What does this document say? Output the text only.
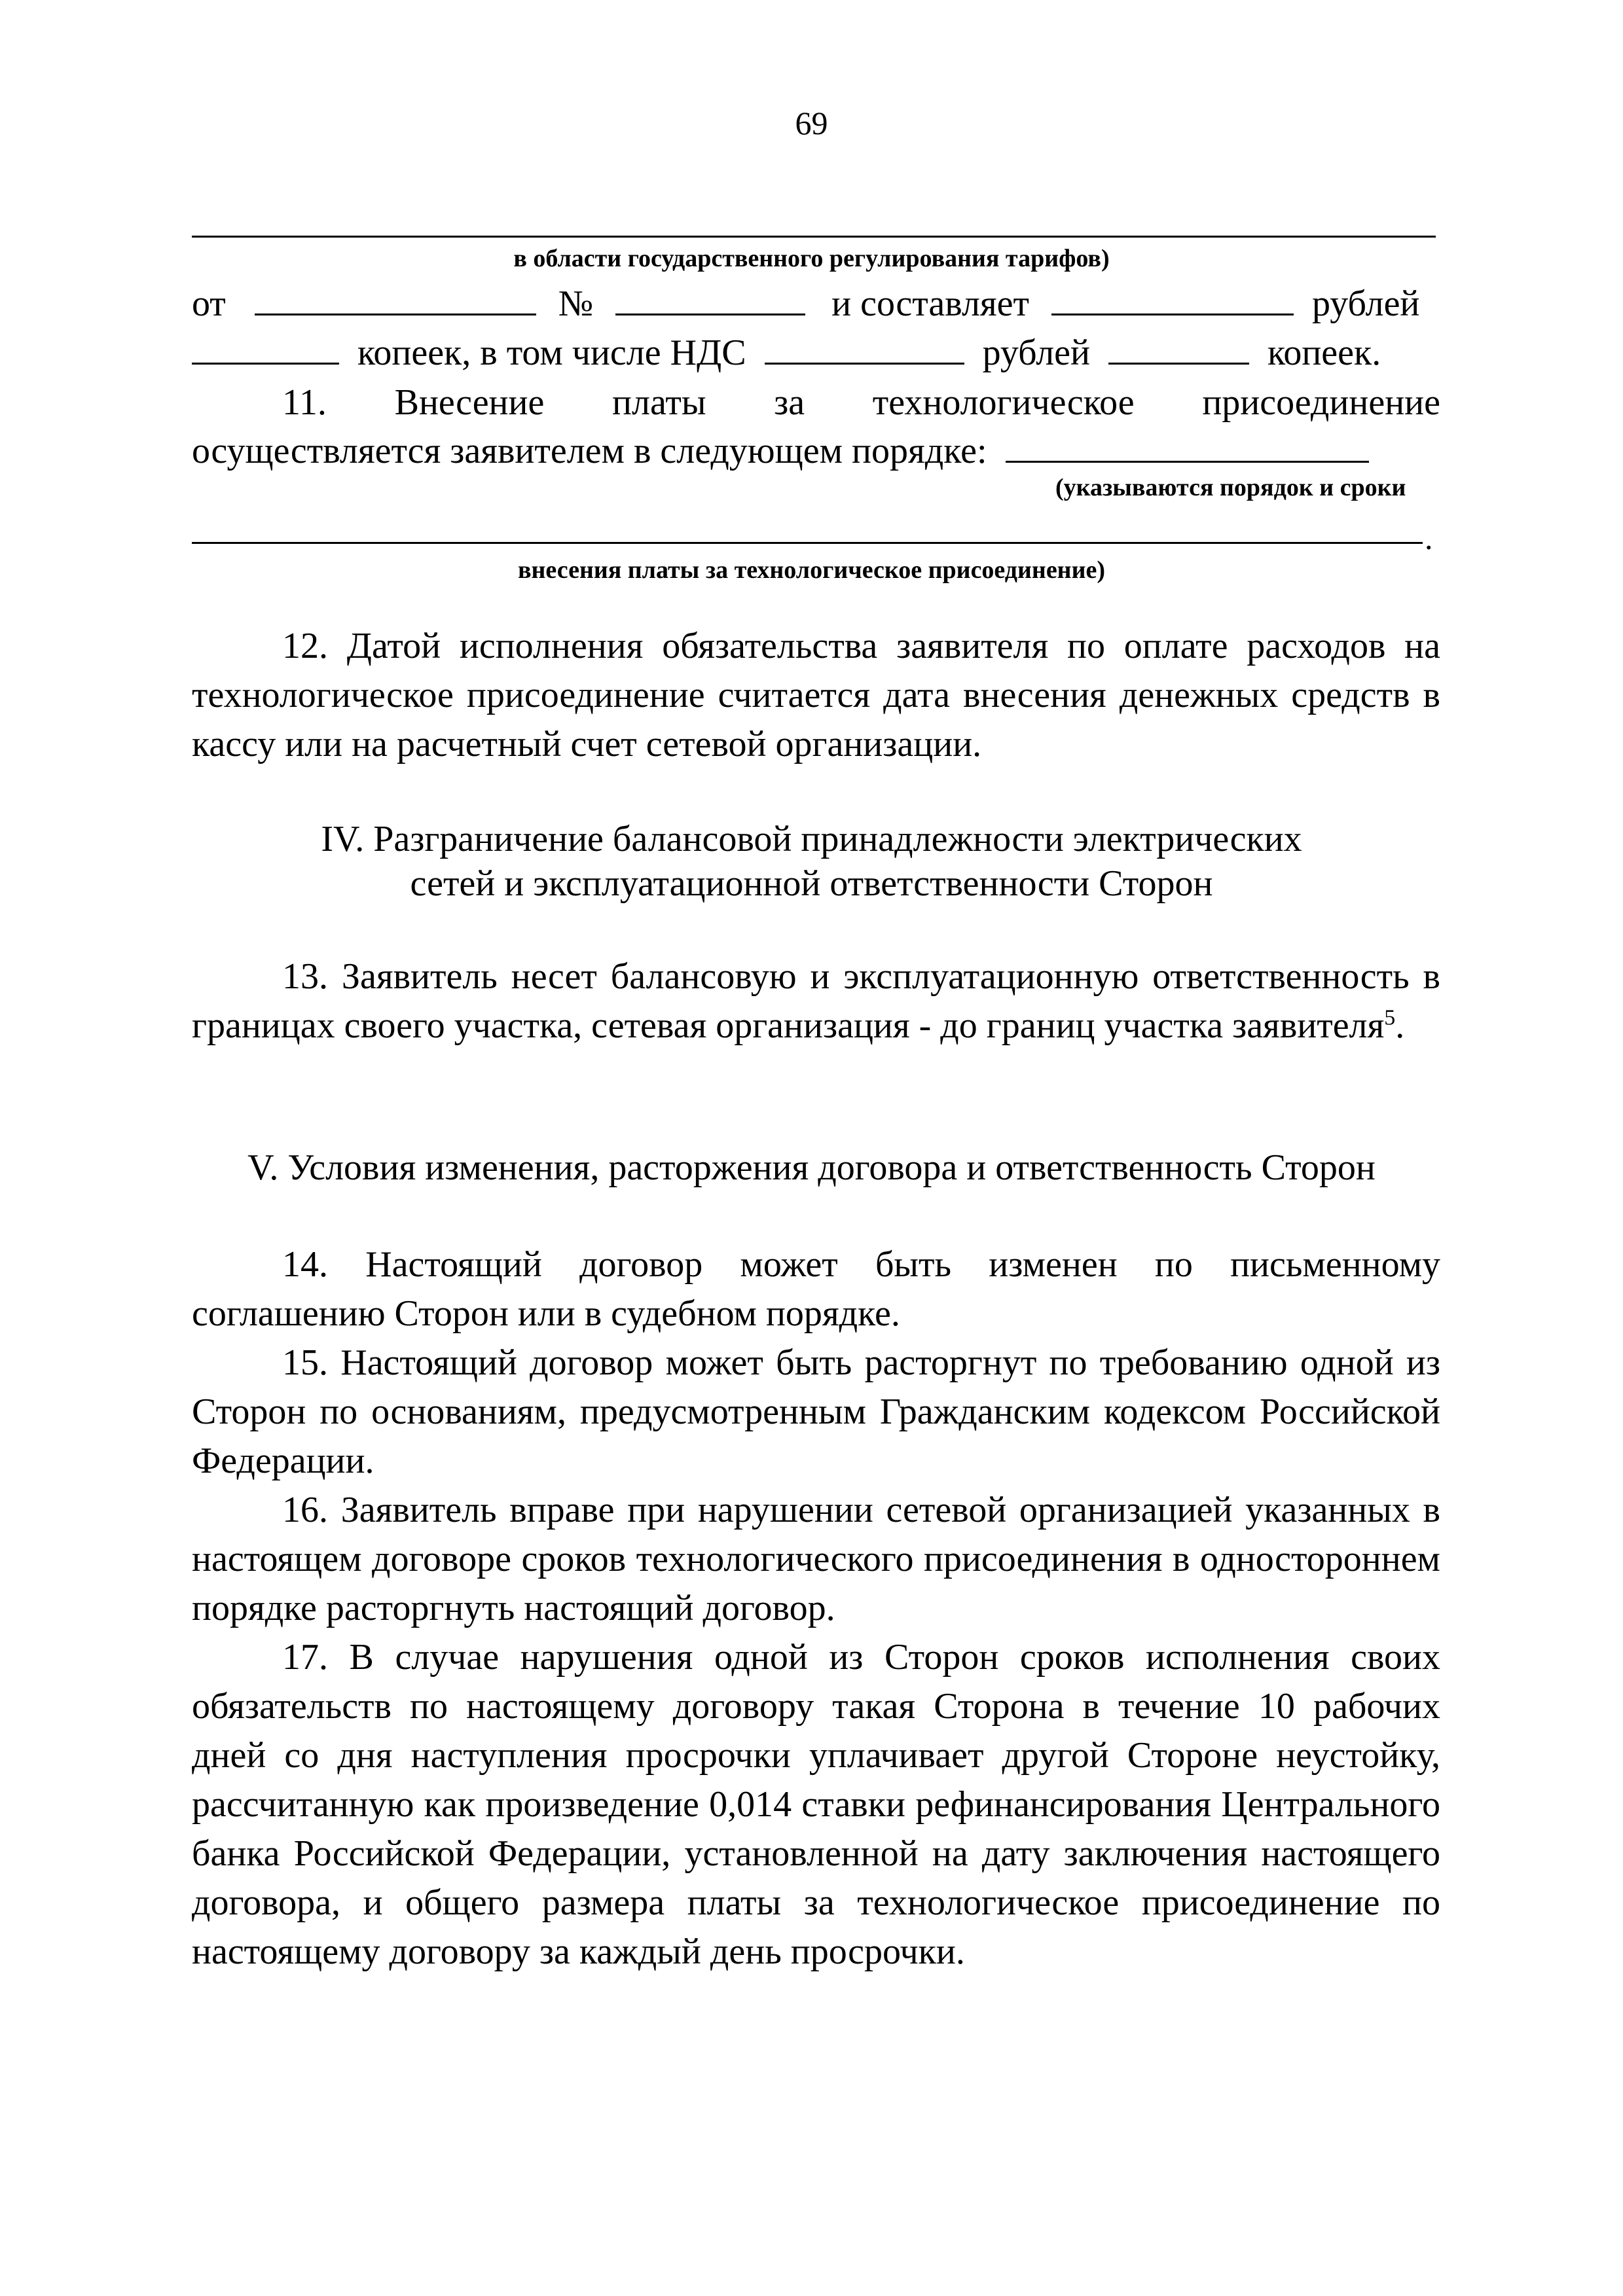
69
в области государственного регулирования тарифов)
от	№	и составляет	рублей
копеек, в том числе НДС	рублей	копеек.
11. Внесение платы за технологическое присоединение
осуществляется заявителем в следующем порядке:
(указываются порядок и сроки
.
внесения платы за технологическое присоединение)
12. Датой исполнения обязательства заявителя по оплате расходов на технологическое присоединение считается дата внесения денежных средств в кассу или на расчетный счет сетевой организации.
IV. Разграничение балансовой принадлежности электрических
сетей и эксплуатационной ответственности Сторон
13. Заявитель несет балансовую и эксплуатационную ответственность в границах своего участка, сетевая организация - до границ участка заявителя$^5$.
V. Условия изменения, расторжения договора и ответственность Сторон
14. Настоящий договор может быть изменен по письменному соглашению Сторон или в судебном порядке.
15. Настоящий договор может быть расторгнут по требованию одной из Сторон по основаниям, предусмотренным Гражданским кодексом Российской Федерации.
16. Заявитель вправе при нарушении сетевой организацией указанных в настоящем договоре сроков технологического присоединения в одностороннем порядке расторгнуть настоящий договор.
17. В случае нарушения одной из Сторон сроков исполнения своих обязательств по настоящему договору такая Сторона в течение 10 рабочих дней со дня наступления просрочки уплачивает другой Стороне неустойку, рассчитанную как произведение 0,014 ставки рефинансирования Центрального банка Российской Федерации, установленной на дату заключения настоящего договора, и общего размера платы за технологическое присоединение по настоящему договору за каждый день просрочки.
